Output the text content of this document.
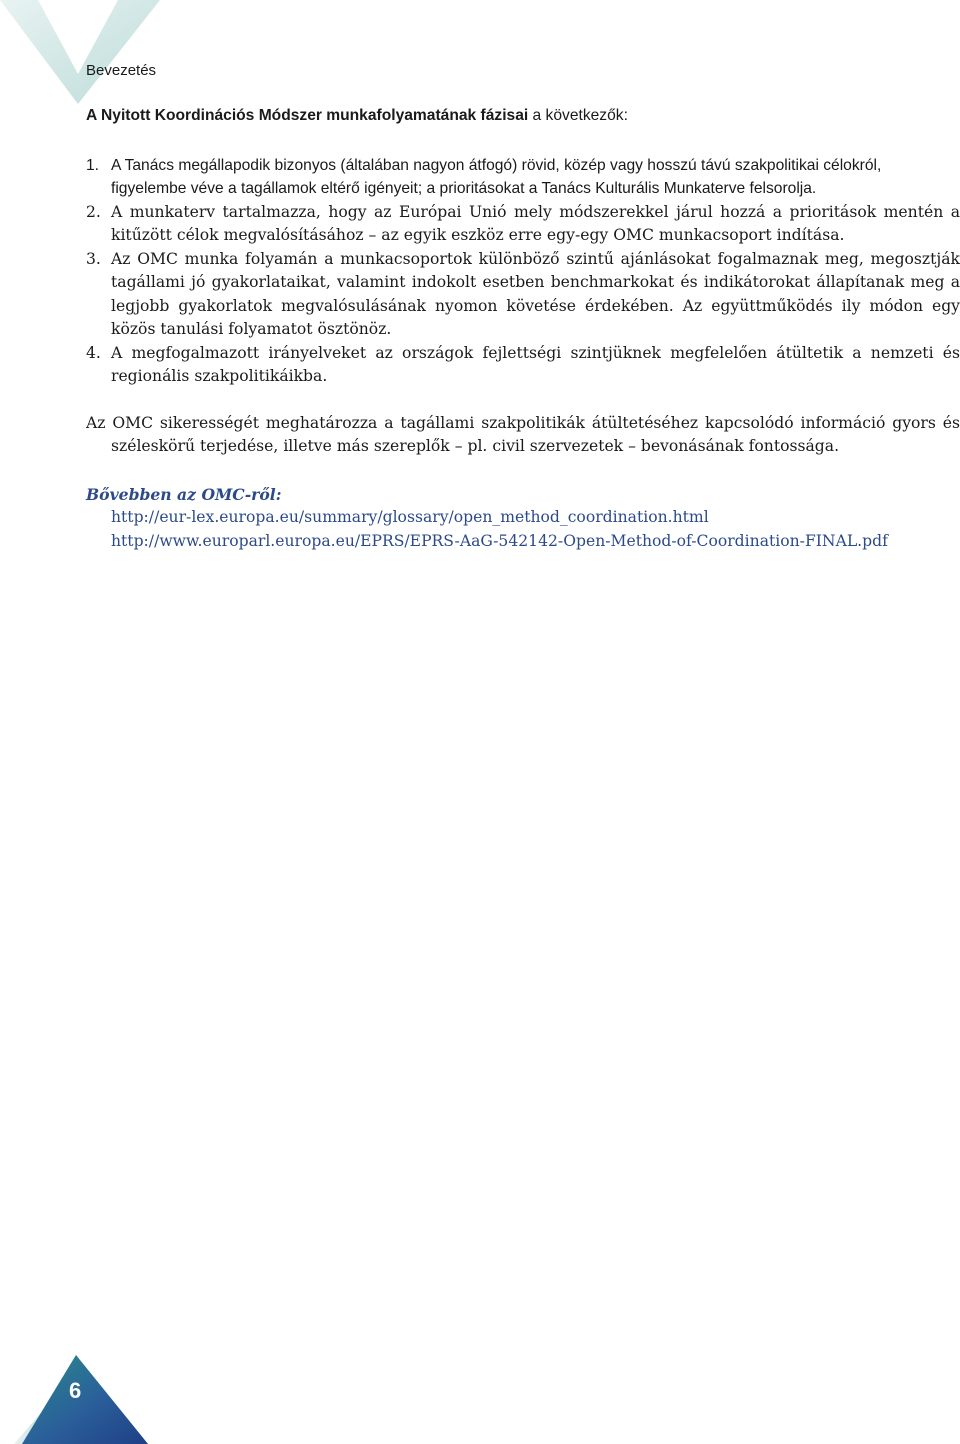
Bevezetés

A Nyitott Koordinációs Módszer munkafolyamatának fázisai a következők:

1. A Tanács megállapodik bizonyos (általában nagyon átfogó) rövid, közép vagy hosszú távú szakpolitikai célokról, figyelembe véve a tagállamok eltérő igényeit; a prioritásokat a Tanács Kulturális Munkaterve felsorolja.
2. A munkaterv tartalmazza, hogy az Európai Unió mely módszerekkel járul hozzá a prioritások mentén a kitűzött célok megvalósításához – az egyik eszköz erre egy-egy OMC munkacsoport indítása.
3. Az OMC munka folyamán a munkacsoportok különböző szintű ajánlásokat fogalmaznak meg, megosztják tagállami jó gyakorlataikat, valamint indokolt esetben benchmarkokat és indikátorokat állapítanak meg a legjobb gyakorlatok megvalósulásának nyomon követése érdekében. Az együttműködés ily módon egy közös tanulási folyamatot ösztönöz.
4. A megfogalmazott irányelveket az országok fejlettségi szintjüknek megfelelően átültetik a nemzeti és regionális szakpolitikáikba.

Az OMC sikerességét meghatározza a tagállami szakpolitikák átültetéséhez kapcsolódó információ gyors és széleskörű terjedése, illetve más szereplők – pl. civil szervezetek – bevonásának fontossága.

Bővebben az OMC-ről:
http://eur-lex.europa.eu/summary/glossary/open_method_coordination.html
http://www.europarl.europa.eu/EPRS/EPRS-AaG-542142-Open-Method-of-Coordination-FINAL.pdf
6
